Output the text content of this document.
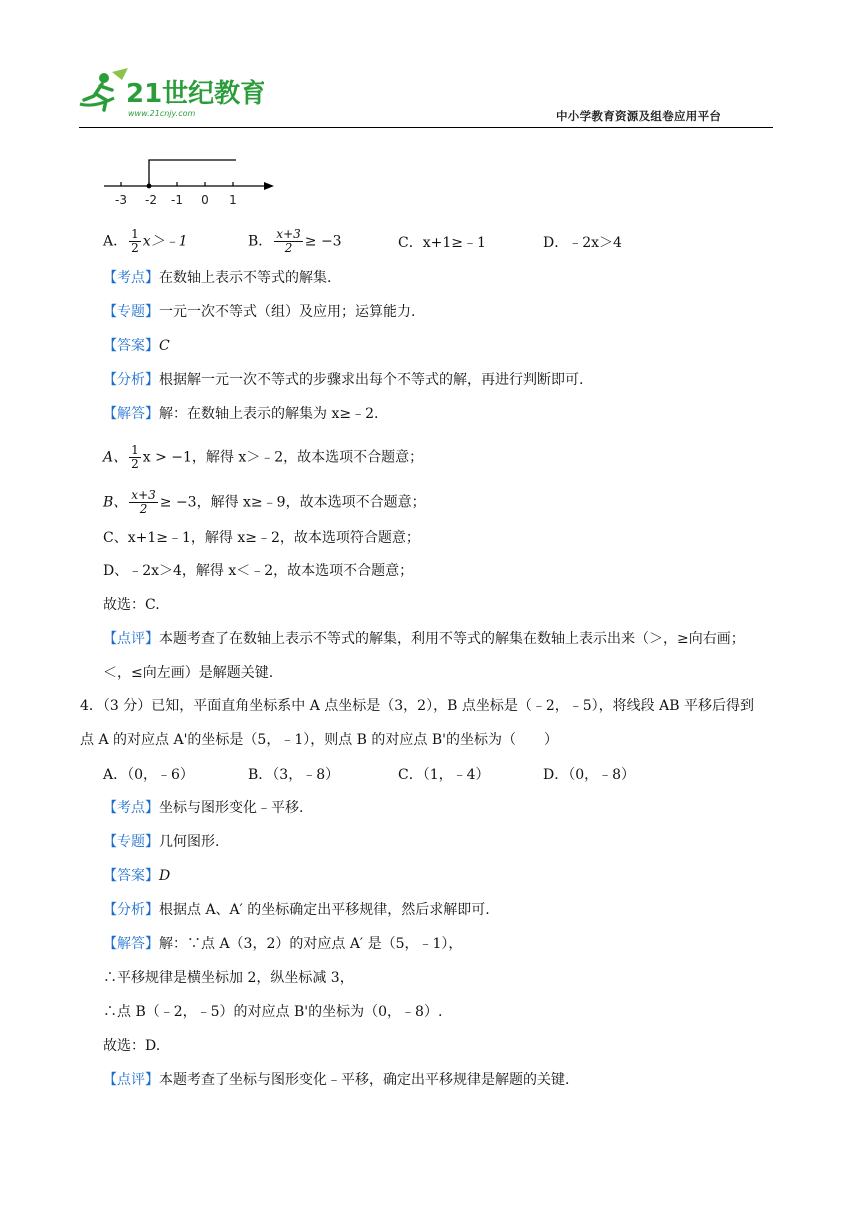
21世纪教育
www.21cnjy.com	中小学教育资源及组卷应用平台
-3 -2 -1 0 1
A． $\frac{1}{2}$ x＞﹣1	B． $\frac{x+3}{2} \ge -3$	C．x+1≥﹣1	D．﹣2x＞4
【考点】在数轴上表示不等式的解集.
【专题】一元一次不等式（组）及应用；运算能力.
【答案】C
【分析】根据解一元一次不等式的步骤求出每个不等式的解，再进行判断即可.
【解答】解：在数轴上表示的解集为 x≥﹣2.
A、 $\frac{1}{2}$ x > −1，解得 x＞﹣2，故本选项不合题意；
B、 $\frac{x+3}{2} \ge -3$，解得 x≥﹣9，故本选项不合题意；
C、x+1≥﹣1，解得 x≥﹣2，故本选项符合题意；
D、﹣2x＞4，解得 x＜﹣2，故本选项不合题意；
故选：C.
【点评】本题考查了在数轴上表示不等式的解集，利用不等式的解集在数轴上表示出来（＞，≥向右画；
＜，≤向左画）是解题关键.
4．（3 分）已知，平面直角坐标系中 A 点坐标是（3，2），B 点坐标是（﹣2，﹣5），将线段 AB 平移后得到
点 A 的对应点 A'的坐标是（5，﹣1），则点 B 的对应点 B'的坐标为（　　）
A．（0，﹣6）	B．（3，﹣8）	C．（1，﹣4）	D．（0，﹣8）
【考点】坐标与图形变化﹣平移.
【专题】几何图形.
【答案】D
【分析】根据点 A、A′ 的坐标确定出平移规律，然后求解即可.
【解答】解：∵点 A（3，2）的对应点 A′ 是（5，﹣1），
∴平移规律是横坐标加 2，纵坐标减 3，
∴点 B（﹣2，﹣5）的对应点 B'的坐标为（0，﹣8）.
故选：D.
【点评】本题考查了坐标与图形变化﹣平移，确定出平移规律是解题的关键.
